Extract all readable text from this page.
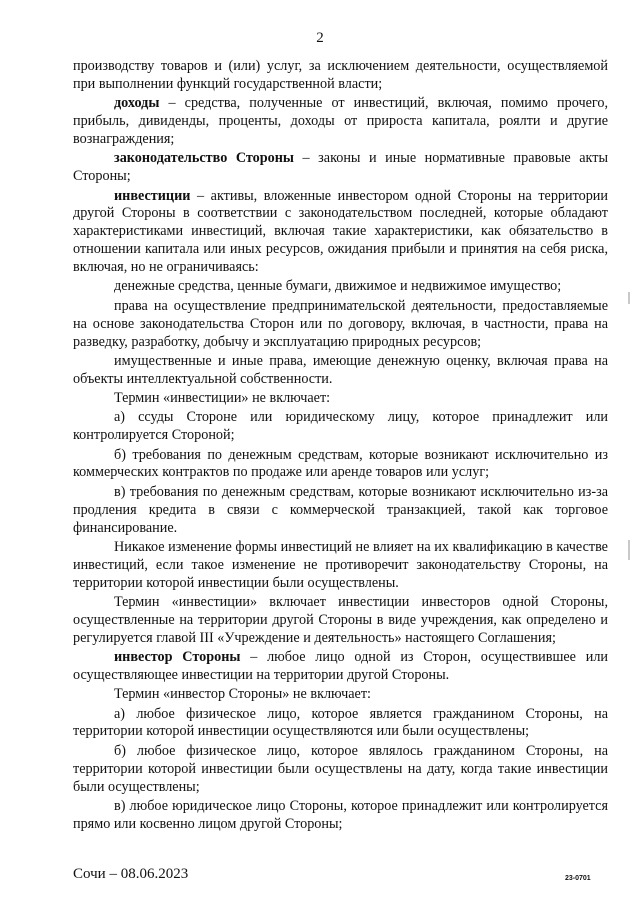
2

производству товаров и (или) услуг, за исключением деятельности, осуществляемой при выполнении функций государственной власти;

доходы – средства, полученные от инвестиций, включая, помимо прочего, прибыль, дивиденды, проценты, доходы от прироста капитала, роялти и другие вознаграждения;

законодательство Стороны – законы и иные нормативные правовые акты Стороны;

инвестиции – активы, вложенные инвестором одной Стороны на территории другой Стороны в соответствии с законодательством последней, которые обладают характеристиками инвестиций, включая такие характеристики, как обязательство в отношении капитала или иных ресурсов, ожидания прибыли и принятия на себя риска, включая, но не ограничиваясь:

денежные средства, ценные бумаги, движимое и недвижимое имущество;

права на осуществление предпринимательской деятельности, предоставляемые на основе законодательства Сторон или по договору, включая, в частности, права на разведку, разработку, добычу и эксплуатацию природных ресурсов;

имущественные и иные права, имеющие денежную оценку, включая права на объекты интеллектуальной собственности.

Термин «инвестиции» не включает:

а) ссуды Стороне или юридическому лицу, которое принадлежит или контролируется Стороной;

б) требования по денежным средствам, которые возникают исключительно из коммерческих контрактов по продаже или аренде товаров или услуг;

в) требования по денежным средствам, которые возникают исключительно из-за продления кредита в связи с коммерческой транзакцией, такой как торговое финансирование.

Никакое изменение формы инвестиций не влияет на их квалификацию в качестве инвестиций, если такое изменение не противоречит законодательству Стороны, на территории которой инвестиции были осуществлены.

Термин «инвестиции» включает инвестиции инвесторов одной Стороны, осуществленные на территории другой Стороны в виде учреждения, как определено и регулируется главой III «Учреждение и деятельность» настоящего Соглашения;

инвестор Стороны – любое лицо одной из Сторон, осуществившее или осуществляющее инвестиции на территории другой Стороны.

Термин «инвестор Стороны» не включает:

а) любое физическое лицо, которое является гражданином Стороны, на территории которой инвестиции осуществляются или были осуществлены;

б) любое физическое лицо, которое являлось гражданином Стороны, на территории которой инвестиции были осуществлены на дату, когда такие инвестиции были осуществлены;

в) любое юридическое лицо Стороны, которое принадлежит или контролируется прямо или косвенно лицом другой Стороны;

Сочи – 08.06.2023	23-0701
